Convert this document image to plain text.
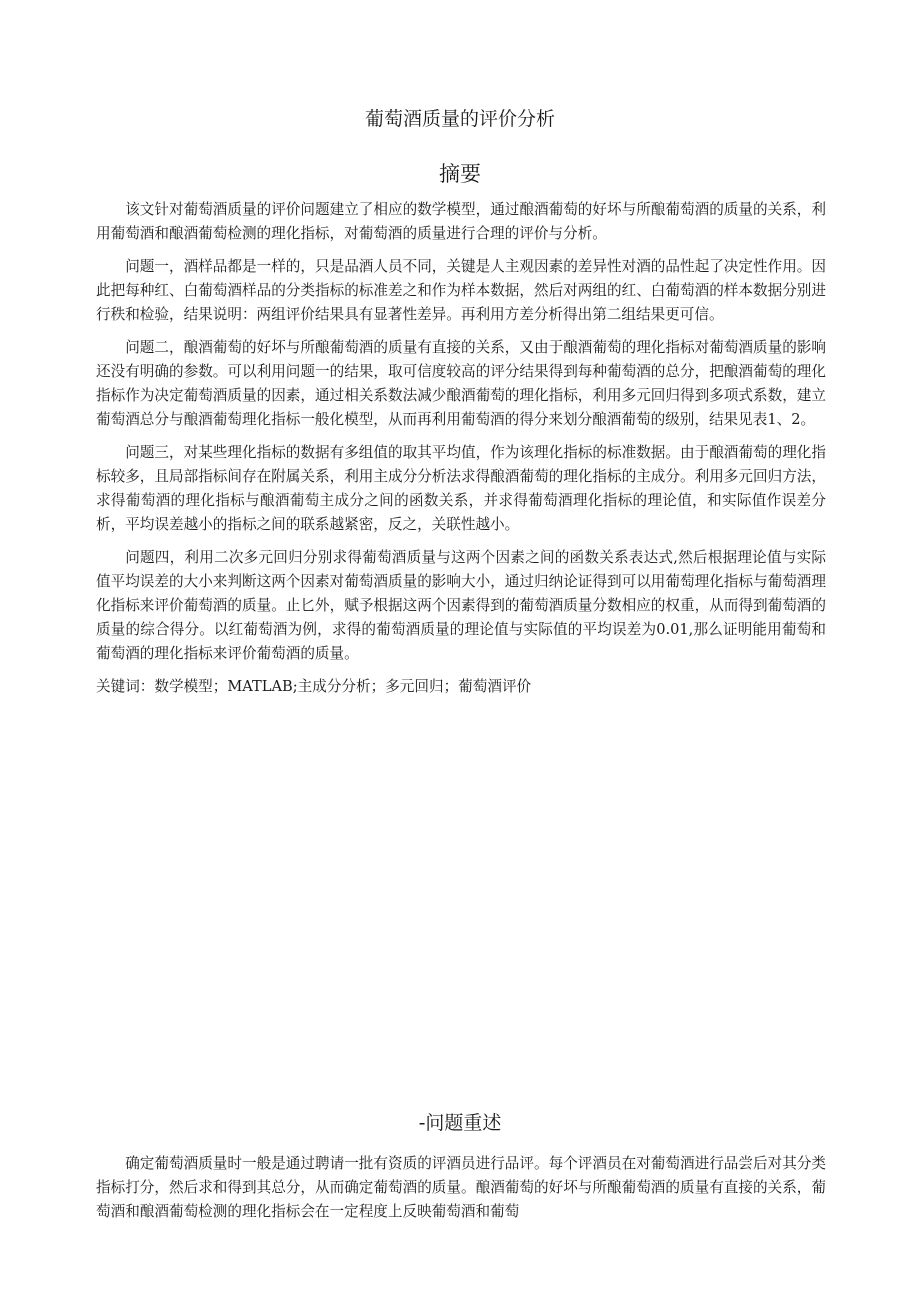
葡萄酒质量的评价分析
摘要

该文针对葡萄酒质量的评价问题建立了相应的数学模型，通过酿酒葡萄的好坏与所酿葡萄酒的质量的关系，利用葡萄酒和酿酒葡萄检测的理化指标，对葡萄酒的质量进行合理的评价与分析。

问题一，酒样品都是一样的，只是品酒人员不同，关键是人主观因素的差异性对酒的品性起了决定性作用。因此把每种红、白葡萄酒样品的分类指标的标准差之和作为样本数据，然后对两组的红、白葡萄酒的样本数据分别进行秩和检验，结果说明：两组评价结果具有显著性差异。再利用方差分析得出第二组结果更可信。

问题二，酿酒葡萄的好坏与所酿葡萄酒的质量有直接的关系，又由于酿酒葡萄的理化指标对葡萄酒质量的影响还没有明确的参数。可以利用问题一的结果，取可信度较高的评分结果得到每种葡萄酒的总分，把酿酒葡萄的理化指标作为决定葡萄酒质量的因素，通过相关系数法减少酿酒葡萄的理化指标，利用多元回归得到多项式系数，建立葡萄酒总分与酿酒葡萄理化指标一般化模型，从而再利用葡萄酒的得分来划分酿酒葡萄的级别，结果见表1、2。

问题三，对某些理化指标的数据有多组值的取其平均值，作为该理化指标的标准数据。由于酿酒葡萄的理化指标较多，且局部指标间存在附属关系，利用主成分分析法求得酿酒葡萄的理化指标的主成分。利用多元回归方法，求得葡萄酒的理化指标与酿酒葡萄主成分之间的函数关系，并求得葡萄酒理化指标的理论值，和实际值作误差分析，平均误差越小的指标之间的联系越紧密，反之，关联性越小。

问题四，利用二次多元回归分别求得葡萄酒质量与这两个因素之间的函数关系表达式,然后根据理论值与实际值平均误差的大小来判断这两个因素对葡萄酒质量的影响大小，通过归纳论证得到可以用葡萄理化指标与葡萄酒理化指标来评价葡萄酒的质量。止匕外，赋予根据这两个因素得到的葡萄酒质量分数相应的权重，从而得到葡萄酒的质量的综合得分。以红葡萄酒为例，求得的葡萄酒质量的理论值与实际值的平均误差为0.01,那么证明能用葡萄和葡萄酒的理化指标来评价葡萄酒的质量。

关键词：数学模型；MATLAB;主成分分析；多元回归；葡萄酒评价
-问题重述

确定葡萄酒质量时一般是通过聘请一批有资质的评酒员进行品评。每个评酒员在对葡萄酒进行品尝后对其分类指标打分，然后求和得到其总分，从而确定葡萄酒的质量。酿酒葡萄的好坏与所酿葡萄酒的质量有直接的关系，葡萄酒和酿酒葡萄检测的理化指标会在一定程度上反映葡萄酒和葡萄
